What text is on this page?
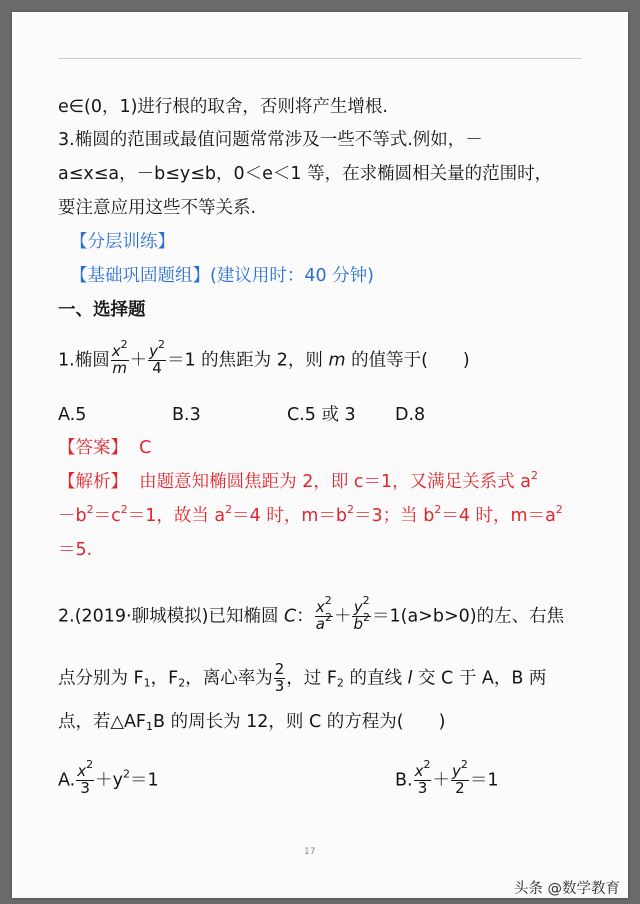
e∈(0，1)进行根的取舍，否则将产生增根.
3.椭圆的范围或最值问题常常涉及一些不等式.例如，－
a≤x≤a，－b≤y≤b，0＜e＜1 等，在求椭圆相关量的范围时，
要注意应用这些不等关系.
【分层训练】
【基础巩固题组】(建议用时：40 分钟)
一、选择题
1.椭圆 $\frac{x^2}{m} + \frac{y^2}{4} =1$ 的焦距为 2，则 m 的值等于(　　)
A.5	B.3	C.5 或 3 D.8
【答案】 C
【解析】 由题意知椭圆焦距为 2，即 c＝1，又满足关系式 $a^2$
$-b^2=c^2=1$，故当 $a^2=4$ 时，$m=b^2=3$；当 $b^2=4$ 时，$m=a^2$
＝5.
2.(2019·聊城模拟)已知椭圆 C： $\frac{x^2}{a^2} + \frac{y^2}{b^2} =1(a>b>0)$的左、右焦
点分别为 $F_1$，$F_2$，离心率为 $\frac{2}{3}$ ，过 $F_2$ 的直线 l 交 C 于 A，B 两
点，若$\triangle AF_1B$ 的周长为 12，则 C 的方程为(　　)
A. $\frac{x^2}{3} +y^2=1$	B. $\frac{x^2}{3} + \frac{y^2}{2} =1$
17
头条 @数学教育
